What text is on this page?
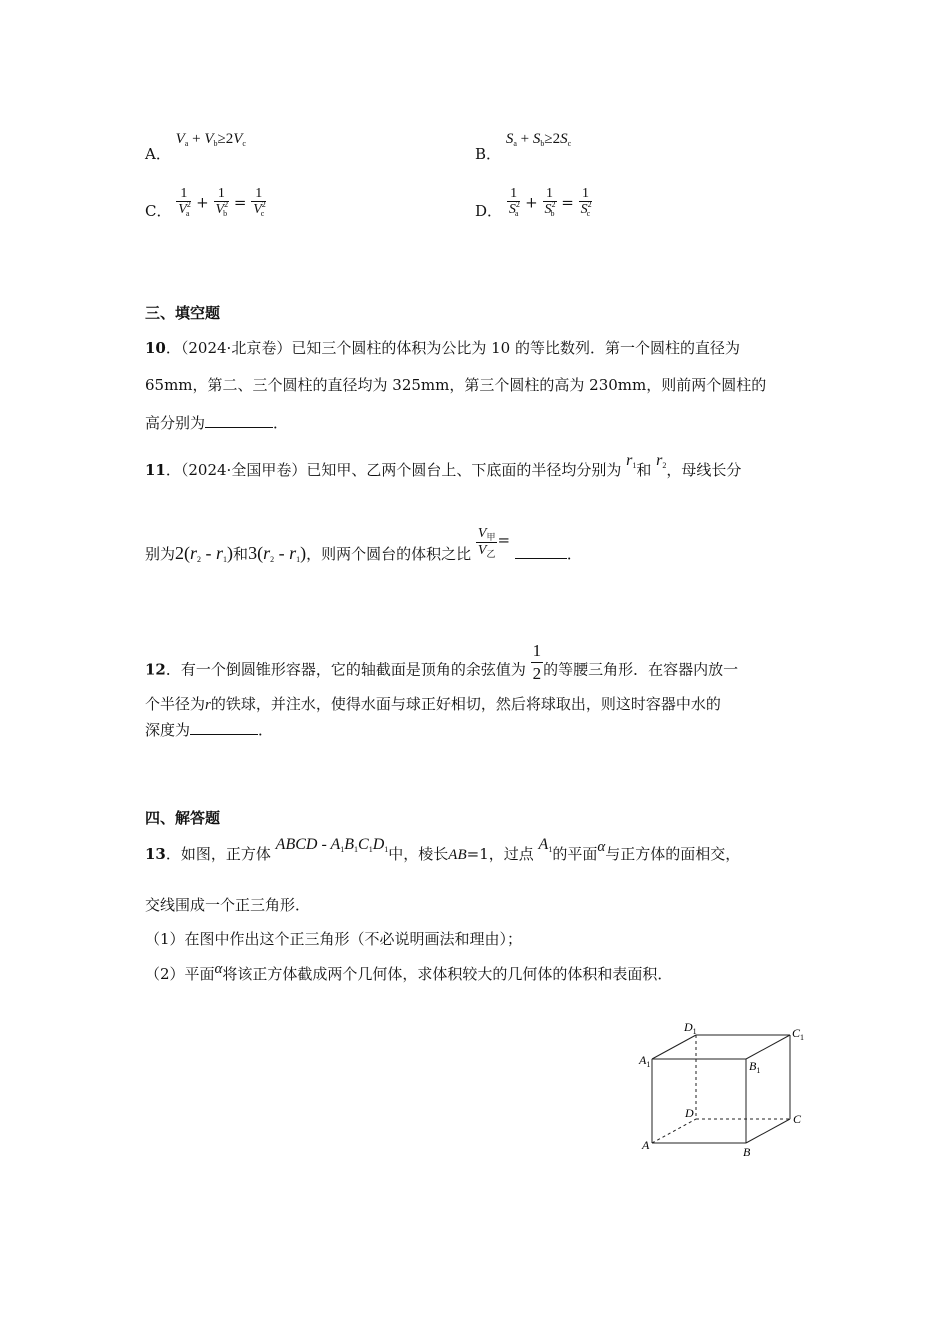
A． $V_a + V_b\ge 2V_c$
B． $S_a + S_b\ge 2S_c$
C． $\frac{1}{V^2_a} + \frac{1}{V^2_b} = \frac{1}{V^2_c}$	D． $\frac{1}{S^2_a} + \frac{1}{S^2_b} = \frac{1}{S^2_c}$
三、填空题
10．（2024·北京卷）已知三个圆柱的体积为公比为 10 的等比数列．第一个圆柱的直径为
65mm，第二、三个圆柱的直径均为 325mm，第三个圆柱的高为 230mm，则前两个圆柱的
高分别为	．
11．（2024·全国甲卷）已知甲、乙两个圆台上、下底面的半径均分别为 r1和 r2，母线长分
别为2(r2 - r1)和3(r2 - r1)，则两个圆台的体积之比 $\frac{V_甲}{V_乙}$ = ．
12．有一个倒圆锥形容器，它的轴截面是顶角的余弦值为 $\frac{1}{2}$ 的等腰三角形．在容器内放一
个半径为r的铁球，并注水，使得水面与球正好相切，然后将球取出，则这时容器中水的
深度为	．
四、解答题
13．如图，正方体 ABCD - A1B1C1D1中，棱长AB=1，过点 A1的平面α与正方体的面相交，
交线围成一个正三角形．
（1）在图中作出这个正三角形（不必说明画法和理由）；
（2）平面α将该正方体截成两个几何体，求体积较大的几何体的体积和表面积．
$A_1$
$D_1$	$C_1$
$B_1$
D	C
A	B
